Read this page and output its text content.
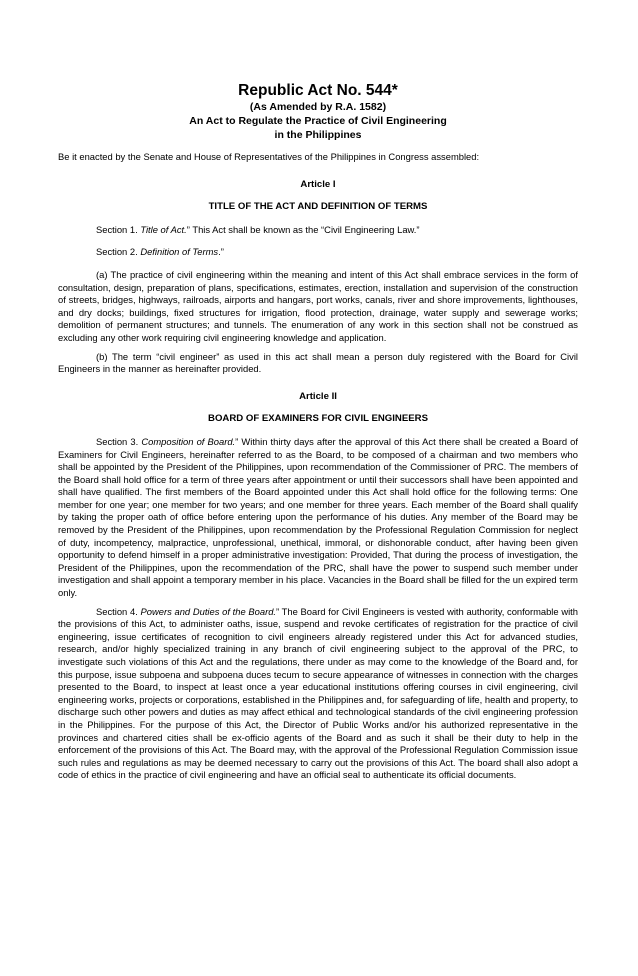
Republic Act No. 544*
(As Amended by R.A. 1582)
An Act to Regulate the Practice of Civil Engineering
in the Philippines

Be it enacted by the Senate and House of Representatives of the Philippines in Congress assembled:

Article I
TITLE OF THE ACT AND DEFINITION OF TERMS
Section 1. Title of Act.” This Act shall be known as the “Civil Engineering Law.”
Section 2. Definition of Terms.”

(a) The practice of civil engineering within the meaning and intent of this Act shall embrace services in the form of consultation, design, preparation of plans, specifications, estimates, erection, installation and supervision of the construction of streets, bridges, highways, railroads, airports and hangars, port works, canals, river and shore improvements, lighthouses, and dry docks; buildings, fixed structures for irrigation, flood protection, drainage, water supply and sewerage works; demolition of permanent structures; and tunnels. The enumeration of any work in this section shall not be construed as excluding any other work requiring civil engineering knowledge and application.

(b) The term “civil engineer” as used in this act shall mean a person duly registered with the Board for Civil Engineers in the manner as hereinafter provided.

Article II
BOARD OF EXAMINERS FOR CIVIL ENGINEERS

Section 3. Composition of Board.” Within thirty days after the approval of this Act there shall be created a Board of Examiners for Civil Engineers, hereinafter referred to as the Board, to be composed of a chairman and two members who shall be appointed by the President of the Philippines, upon recommendation of the Commissioner of PRC. The members of the Board shall hold office for a term of three years after appointment or until their successors shall have been appointed and shall have qualified. The first members of the Board appointed under this Act shall hold office for the following terms: One member for one year; one member for two years; and one member for three years. Each member of the Board shall qualify by taking the proper oath of office before entering upon the performance of his duties. Any member of the Board may be removed by the President of the Philippines, upon recommendation by the Professional Regulation Commission for neglect of duty, incompetency, malpractice, unprofessional, unethical, immoral, or dishonorable conduct, after having been given opportunity to defend himself in a proper administrative investigation: Provided, That during the process of investigation, the President of the Philippines, upon the recommendation of the PRC, shall have the power to suspend such member under investigation and shall appoint a temporary member in his place. Vacancies in the Board shall be filled for the un expired term only.

Section 4. Powers and Duties of the Board.” The Board for Civil Engineers is vested with authority, conformable with the provisions of this Act, to administer oaths, issue, suspend and revoke certificates of registration for the practice of civil engineering, issue certificates of recognition to civil engineers already registered under this Act for advanced studies, research, and/or highly specialized training in any branch of civil engineering subject to the approval of the PRC, to investigate such violations of this Act and the regulations, there under as may come to the knowledge of the Board and, for this purpose, issue subpoena and subpoena duces tecum to secure appearance of witnesses in connection with the charges presented to the Board, to inspect at least once a year educational institutions offering courses in civil engineering, civil engineering works, projects or corporations, established in the Philippines and, for safeguarding of life, health and property, to discharge such other powers and duties as may affect ethical and technological standards of the civil engineering profession in the Philippines. For the purpose of this Act, the Director of Public Works and/or his authorized representative in the provinces and chartered cities shall be ex-officio agents of the Board and as such it shall be their duty to help in the enforcement of the provisions of this Act. The Board may, with the approval of the Professional Regulation Commission issue such rules and regulations as may be deemed necessary to carry out the provisions of this Act. The board shall also adopt a code of ethics in the practice of civil engineering and have an official seal to authenticate its official documents.
